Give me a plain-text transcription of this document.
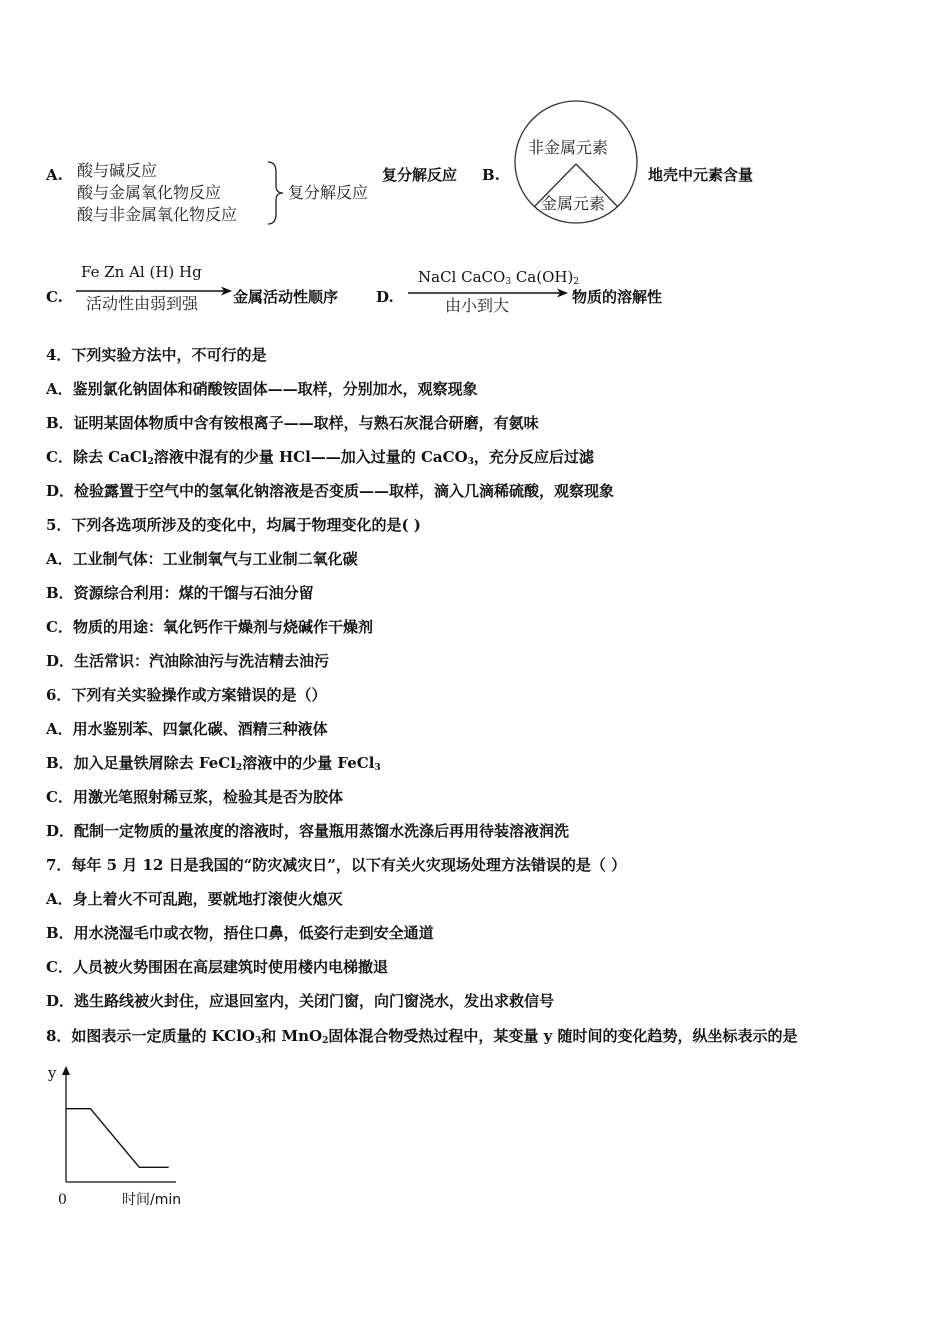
A. 酸与碱反应
酸与金属氧化物反应
酸与非金属氧化物反应
复分解反应
复分解反应 B.
非金属元素
金属元素
地壳中元素含量
C.
Fe Zn Al (H) Hg
活动性由弱到强 金属活动性顺序	D.
NaCl CaCO$_3$ $Ca(OH)_2$
由小到大	物质的溶解性
4．下列实验方法中，不可行的是
A．鉴别氯化钠固体和硝酸铵固体——取样，分别加水，观察现象
B．证明某固体物质中含有铵根离子——取样，与熟石灰混合研磨，有氨味
C．除去 CaCl$_2$溶液中混有的少量 HCl——加入过量的 CaCO$_3$，充分反应后过滤
D．检验露置于空气中的氢氧化钠溶液是否变质——取样，滴入几滴稀硫酸，观察现象
5．下列各选项所涉及的变化中，均属于物理变化的是( )
A．工业制气体：工业制氧气与工业制二氧化碳
B．资源综合利用：煤的干馏与石油分留
C．物质的用途：氧化钙作干燥剂与烧碱作干燥剂
D．生活常识：汽油除油污与洗洁精去油污
6．下列有关实验操作或方案错误的是（）
A．用水鉴别苯、四氯化碳、酒精三种液体
B．加入足量铁屑除去 FeCl$_2$溶液中的少量 FeCl$_3$
C．用激光笔照射稀豆浆，检验其是否为胶体
D．配制一定物质的量浓度的溶液时，容量瓶用蒸馏水洗涤后再用待装溶液润洗
7．每年 5 月 12 日是我国的“防灾减灾日”，以下有关火灾现场处理方法错误的是（ ）
A．身上着火不可乱跑，要就地打滚使火熄灭
B．用水浇湿毛巾或衣物，捂住口鼻，低姿行走到安全通道
C．人员被火势围困在高层建筑时使用楼内电梯撤退
D．逃生路线被火封住，应退回室内，关闭门窗，向门窗浇水，发出求救信号
8．如图表示一定质量的 KClO$_3$和 MnO$_2$固体混合物受热过程中，某变量 y 随时间的变化趋势，纵坐标表示的是
y
0	时间/min
